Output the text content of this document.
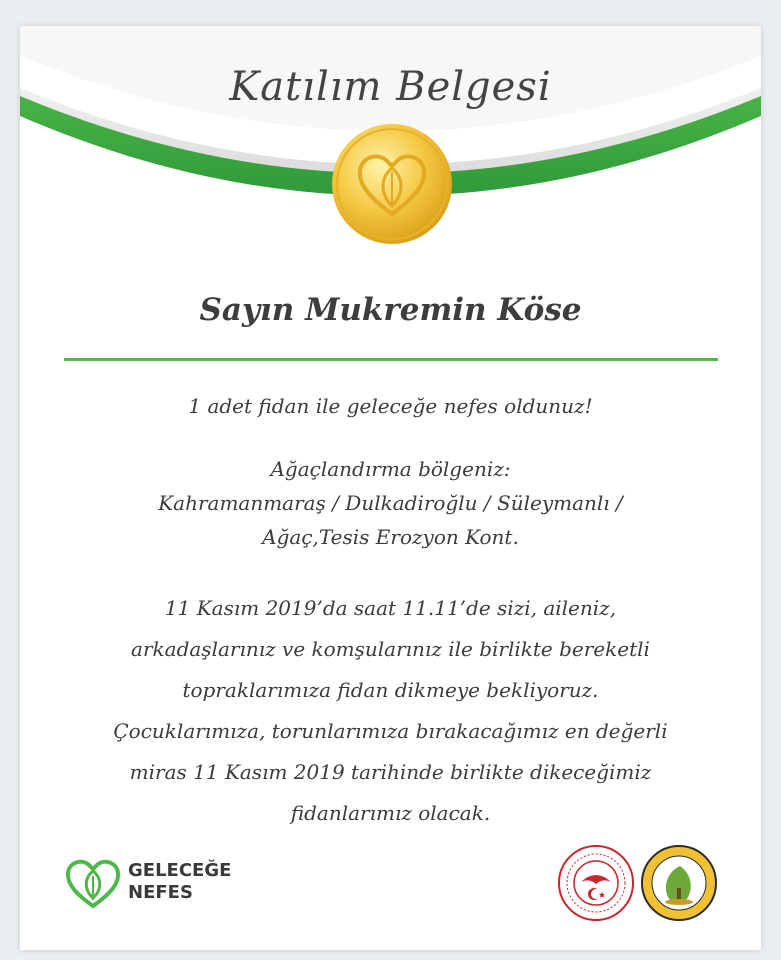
Katılım Belgesi
Sayın Mukremin Köse
1 adet fidan ile geleceğe nefes oldunuz!
Ağaçlandırma bölgeniz:
Kahramanmaraş / Dulkadiroğlu / Süleymanlı /
Ağaç,Tesis Erozyon Kont.
11 Kasım 2019’da saat 11.11’de sizi, aileniz,
arkadaşlarınız ve komşularınız ile birlikte bereketli
topraklarımıza fidan dikmeye bekliyoruz.
Çocuklarımıza, torunlarımıza bırakacağımız en değerli
miras 11 Kasım 2019 tarihinde birlikte dikeceğimiz
fidanlarımız olacak.
GELECEĞE
NEFES
